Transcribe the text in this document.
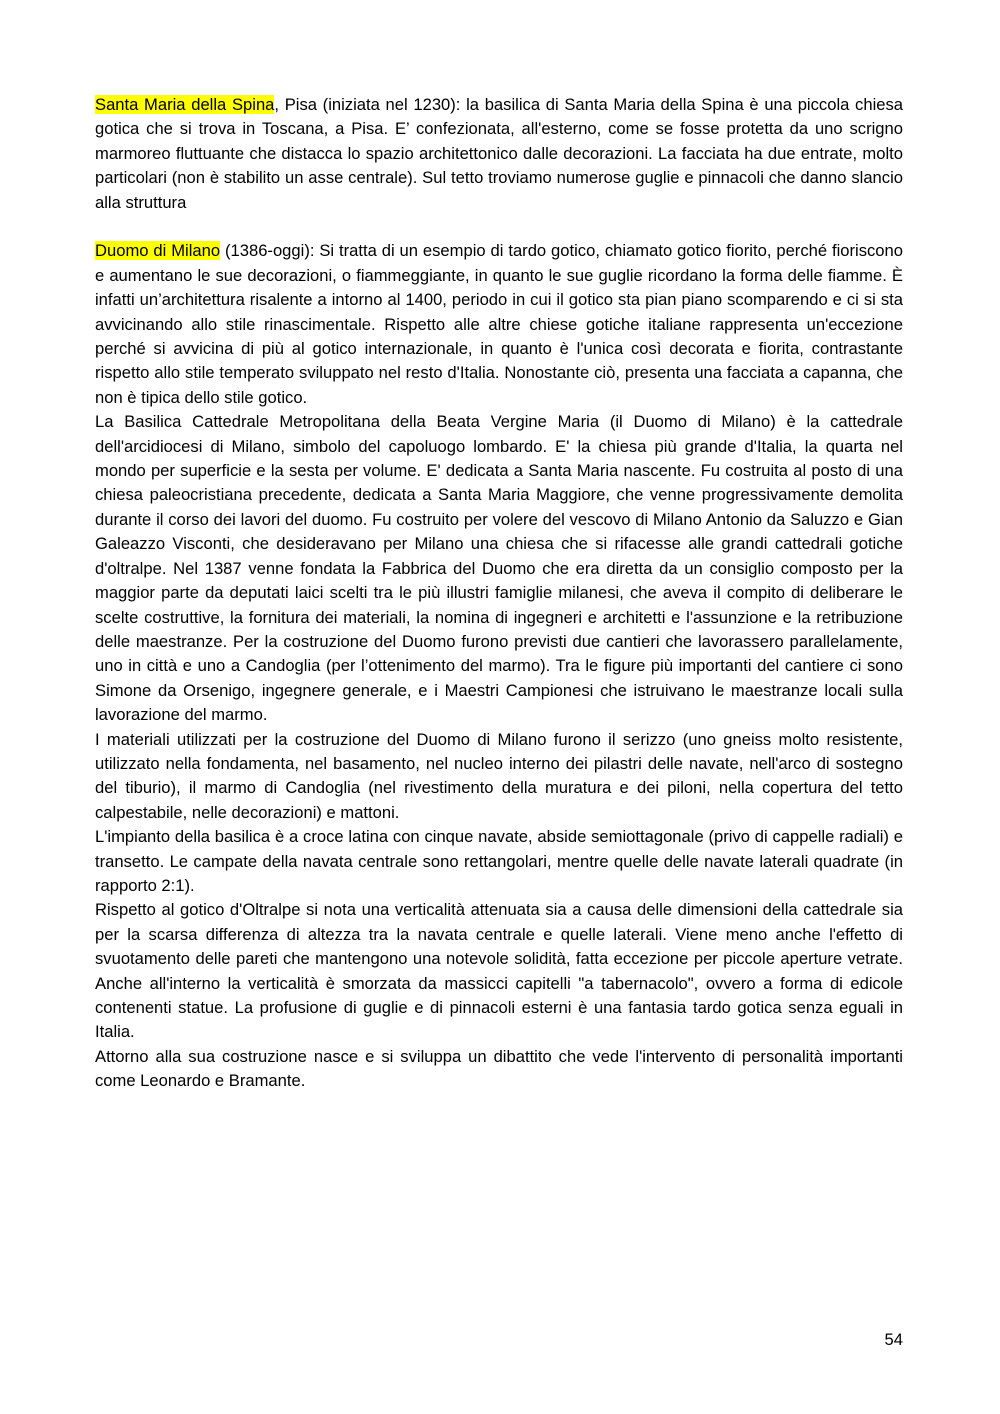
Santa Maria della Spina, Pisa (iniziata nel 1230): la basilica di Santa Maria della Spina è una piccola chiesa gotica che si trova in Toscana, a Pisa. E’ confezionata, all'esterno, come se fosse protetta da uno scrigno marmoreo fluttuante che distacca lo spazio architettonico dalle decorazioni. La facciata ha due entrate, molto particolari (non è stabilito un asse centrale). Sul tetto troviamo numerose guglie e pinnacoli che danno slancio alla struttura

Duomo di Milano (1386-oggi): Si tratta di un esempio di tardo gotico, chiamato gotico fiorito, perché fioriscono e aumentano le sue decorazioni, o fiammeggiante, in quanto le sue guglie ricordano la forma delle fiamme. È infatti un’architettura risalente a intorno al 1400, periodo in cui il gotico sta pian piano scomparendo e ci si sta avvicinando allo stile rinascimentale. Rispetto alle altre chiese gotiche italiane rappresenta un'eccezione perché si avvicina di più al gotico internazionale, in quanto è l'unica così decorata e fiorita, contrastante rispetto allo stile temperato sviluppato nel resto d'Italia. Nonostante ciò, presenta una facciata a capanna, che non è tipica dello stile gotico.

La Basilica Cattedrale Metropolitana della Beata Vergine Maria (il Duomo di Milano) è la cattedrale dell'arcidiocesi di Milano, simbolo del capoluogo lombardo. E' la chiesa più grande d'Italia, la quarta nel mondo per superficie e la sesta per volume. E' dedicata a Santa Maria nascente. Fu costruita al posto di una chiesa paleocristiana precedente, dedicata a Santa Maria Maggiore, che venne progressivamente demolita durante il corso dei lavori del duomo. Fu costruito per volere del vescovo di Milano Antonio da Saluzzo e Gian Galeazzo Visconti, che desideravano per Milano una chiesa che si rifacesse alle grandi cattedrali gotiche d'oltralpe. Nel 1387 venne fondata la Fabbrica del Duomo che era diretta da un consiglio composto per la maggior parte da deputati laici scelti tra le più illustri famiglie milanesi, che aveva il compito di deliberare le scelte costruttive, la fornitura dei materiali, la nomina di ingegneri e architetti e l'assunzione e la retribuzione delle maestranze. Per la costruzione del Duomo furono previsti due cantieri che lavorassero parallelamente, uno in città e uno a Candoglia (per l’ottenimento del marmo). Tra le figure più importanti del cantiere ci sono Simone da Orsenigo, ingegnere generale, e i Maestri Campionesi che istruivano le maestranze locali sulla lavorazione del marmo.

I materiali utilizzati per la costruzione del Duomo di Milano furono il serizzo (uno gneiss molto resistente, utilizzato nella fondamenta, nel basamento, nel nucleo interno dei pilastri delle navate, nell'arco di sostegno del tiburio), il marmo di Candoglia (nel rivestimento della muratura e dei piloni, nella copertura del tetto calpestabile, nelle decorazioni) e mattoni.

L'impianto della basilica è a croce latina con cinque navate, abside semiottagonale (privo di cappelle radiali) e transetto. Le campate della navata centrale sono rettangolari, mentre quelle delle navate laterali quadrate (in rapporto 2:1).

Rispetto al gotico d'Oltralpe si nota una verticalità attenuata sia a causa delle dimensioni della cattedrale sia per la scarsa differenza di altezza tra la navata centrale e quelle laterali. Viene meno anche l'effetto di svuotamento delle pareti che mantengono una notevole solidità, fatta eccezione per piccole aperture vetrate. Anche all'interno la verticalità è smorzata da massicci capitelli "a tabernacolo", ovvero a forma di edicole contenenti statue. La profusione di guglie e di pinnacoli esterni è una fantasia tardo gotica senza eguali in Italia.

Attorno alla sua costruzione nasce e si sviluppa un dibattito che vede l'intervento di personalità importanti come Leonardo e Bramante.

54
